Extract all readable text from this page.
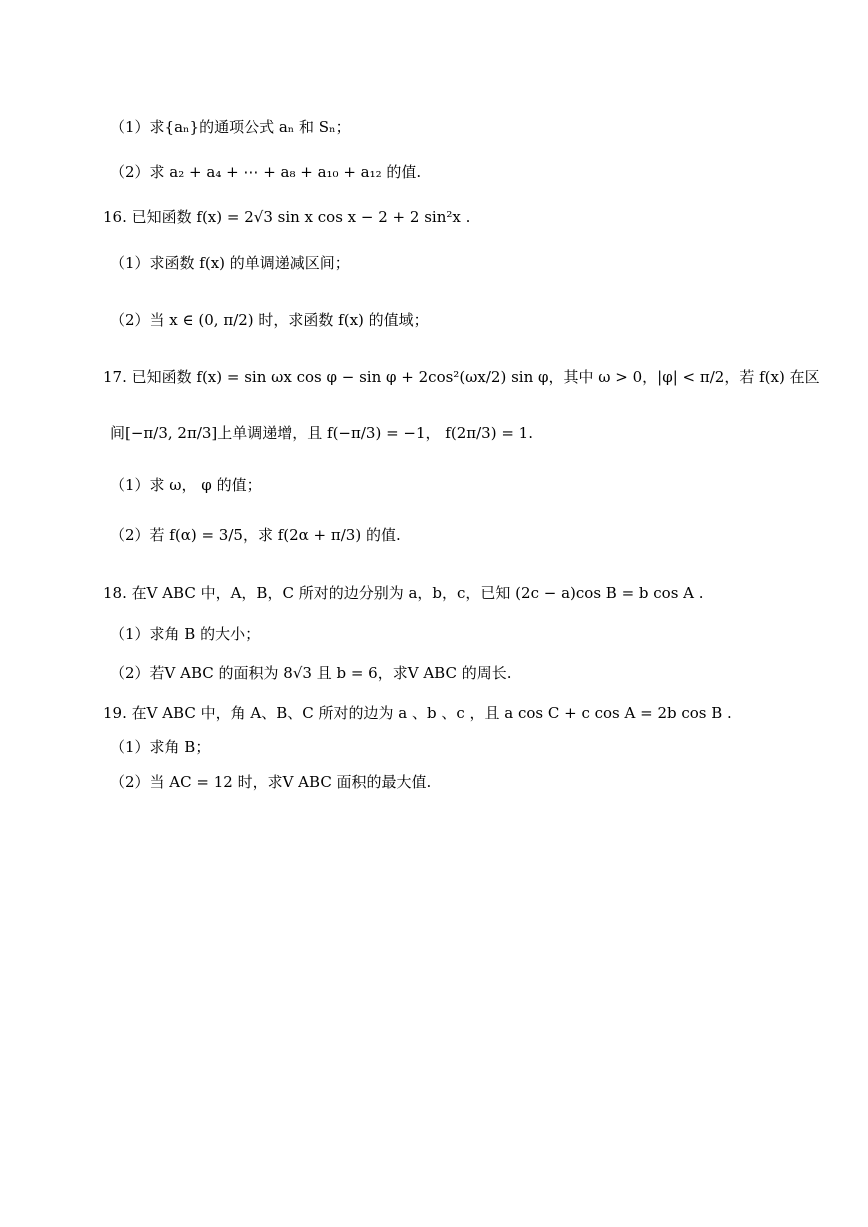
（1）求{aₙ}的通项公式 aₙ 和 Sₙ；
（2）求 a₂ + a₄ + ⋯ + a₈ + a₁₀ + a₁₂ 的值.
16. 已知函数 f(x) = 2√3 sin x cos x − 2 + 2 sin²x .
（1）求函数 f(x) 的单调递减区间；
（2）当 x ∈ (0, π/2) 时，求函数 f(x) 的值域；
17. 已知函数 f(x) = sin ωx cos φ − sin φ + 2cos²(ωx/2) sin φ，其中 ω > 0，|φ| < π/2，若 f(x) 在区
间[−π/3, 2π/3]上单调递增，且 f(−π/3) = −1， f(2π/3) = 1.
（1）求 ω， φ 的值；
（2）若 f(α) = 3/5，求 f(2α + π/3) 的值.
18. 在V ABC 中，A，B，C 所对的边分别为 a，b，c，已知 (2c − a)cos B = b cos A .
（1）求角 B 的大小；
（2）若V ABC 的面积为 8√3 且 b = 6，求V ABC 的周长.
19. 在V ABC 中，角 A、B、C 所对的边为 a 、b 、c ，且 a cos C + c cos A = 2b cos B .
（1）求角 B；
（2）当 AC = 12 时，求V ABC 面积的最大值.
